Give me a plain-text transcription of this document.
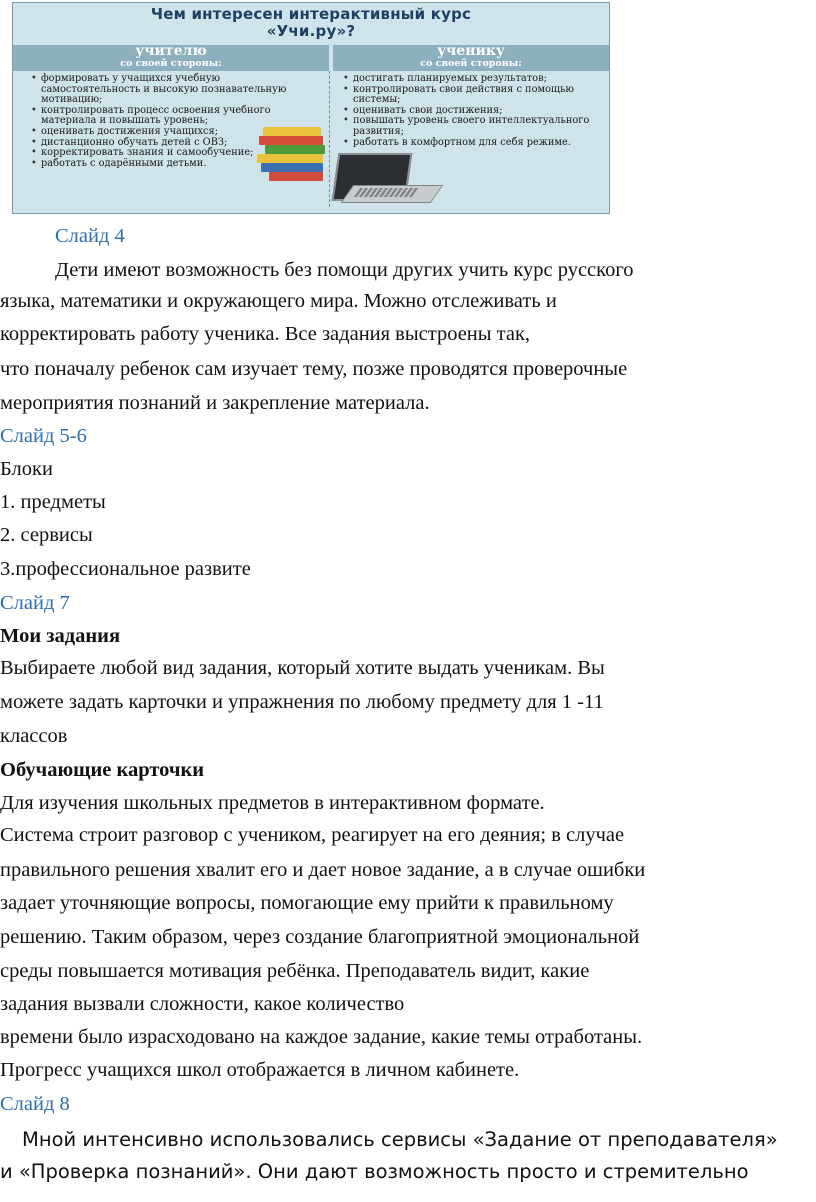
Чем интересен интерактивный курс
«Учи.ру»?
учителю
со своей стороны:
ученику
со своей стороны:
• формировать у учащихся учебную самостоятельность и высокую познавательную мотивацию;
• контролировать процесс освоения учебного материала и повышать уровень;
• оценивать достижения учащихся;
• дистанционно обучать детей с ОВЗ;
• корректировать знания и самообучение;
• работать с одарёнными детьми.
• достигать планируемых результатов;
• контролировать свои действия с помощью системы;
• оценивать свои достижения;
• повышать уровень своего интеллектуального развития;
• работать в комфортном для себя режиме.

Слайд 4

Дети имеют возможность без помощи других учить курс русского

языка, математики и окружающего мира. Можно отслеживать и

корректировать работу ученика. Все задания выстроены так,

что поначалу ребенок сам изучает тему, позже проводятся проверочные

мероприятия познаний и закрепление материала.

Слайд 5-6

Блоки

1. предметы

2. сервисы

3.профессиональное развите

Слайд 7

Мои задания

Выбираете любой вид задания, который хотите выдать ученикам. Вы

можете задать карточки и упражнения по любому предмету для 1 -11

классов

Обучающие карточки

Для изучения школьных предметов в интерактивном формате.

Система строит разговор с учеником, реагирует на его деяния; в случае

правильного решения хвалит его и дает новое задание, а в случае ошибки

задает уточняющие вопросы, помогающие ему прийти к правильному

решению. Таким образом, через создание благоприятной эмоциональной

среды повышается мотивация ребёнка. Преподаватель видит, какие

задания вызвали сложности, какое количество

времени было израсходовано на каждое задание, какие темы отработаны.

Прогресс учащихся школ отображается в личном кабинете.

Слайд 8

Мной интенсивно использовались сервисы «Задание от преподавателя»

и «Проверка познаний». Они дают возможность просто и стремительно
